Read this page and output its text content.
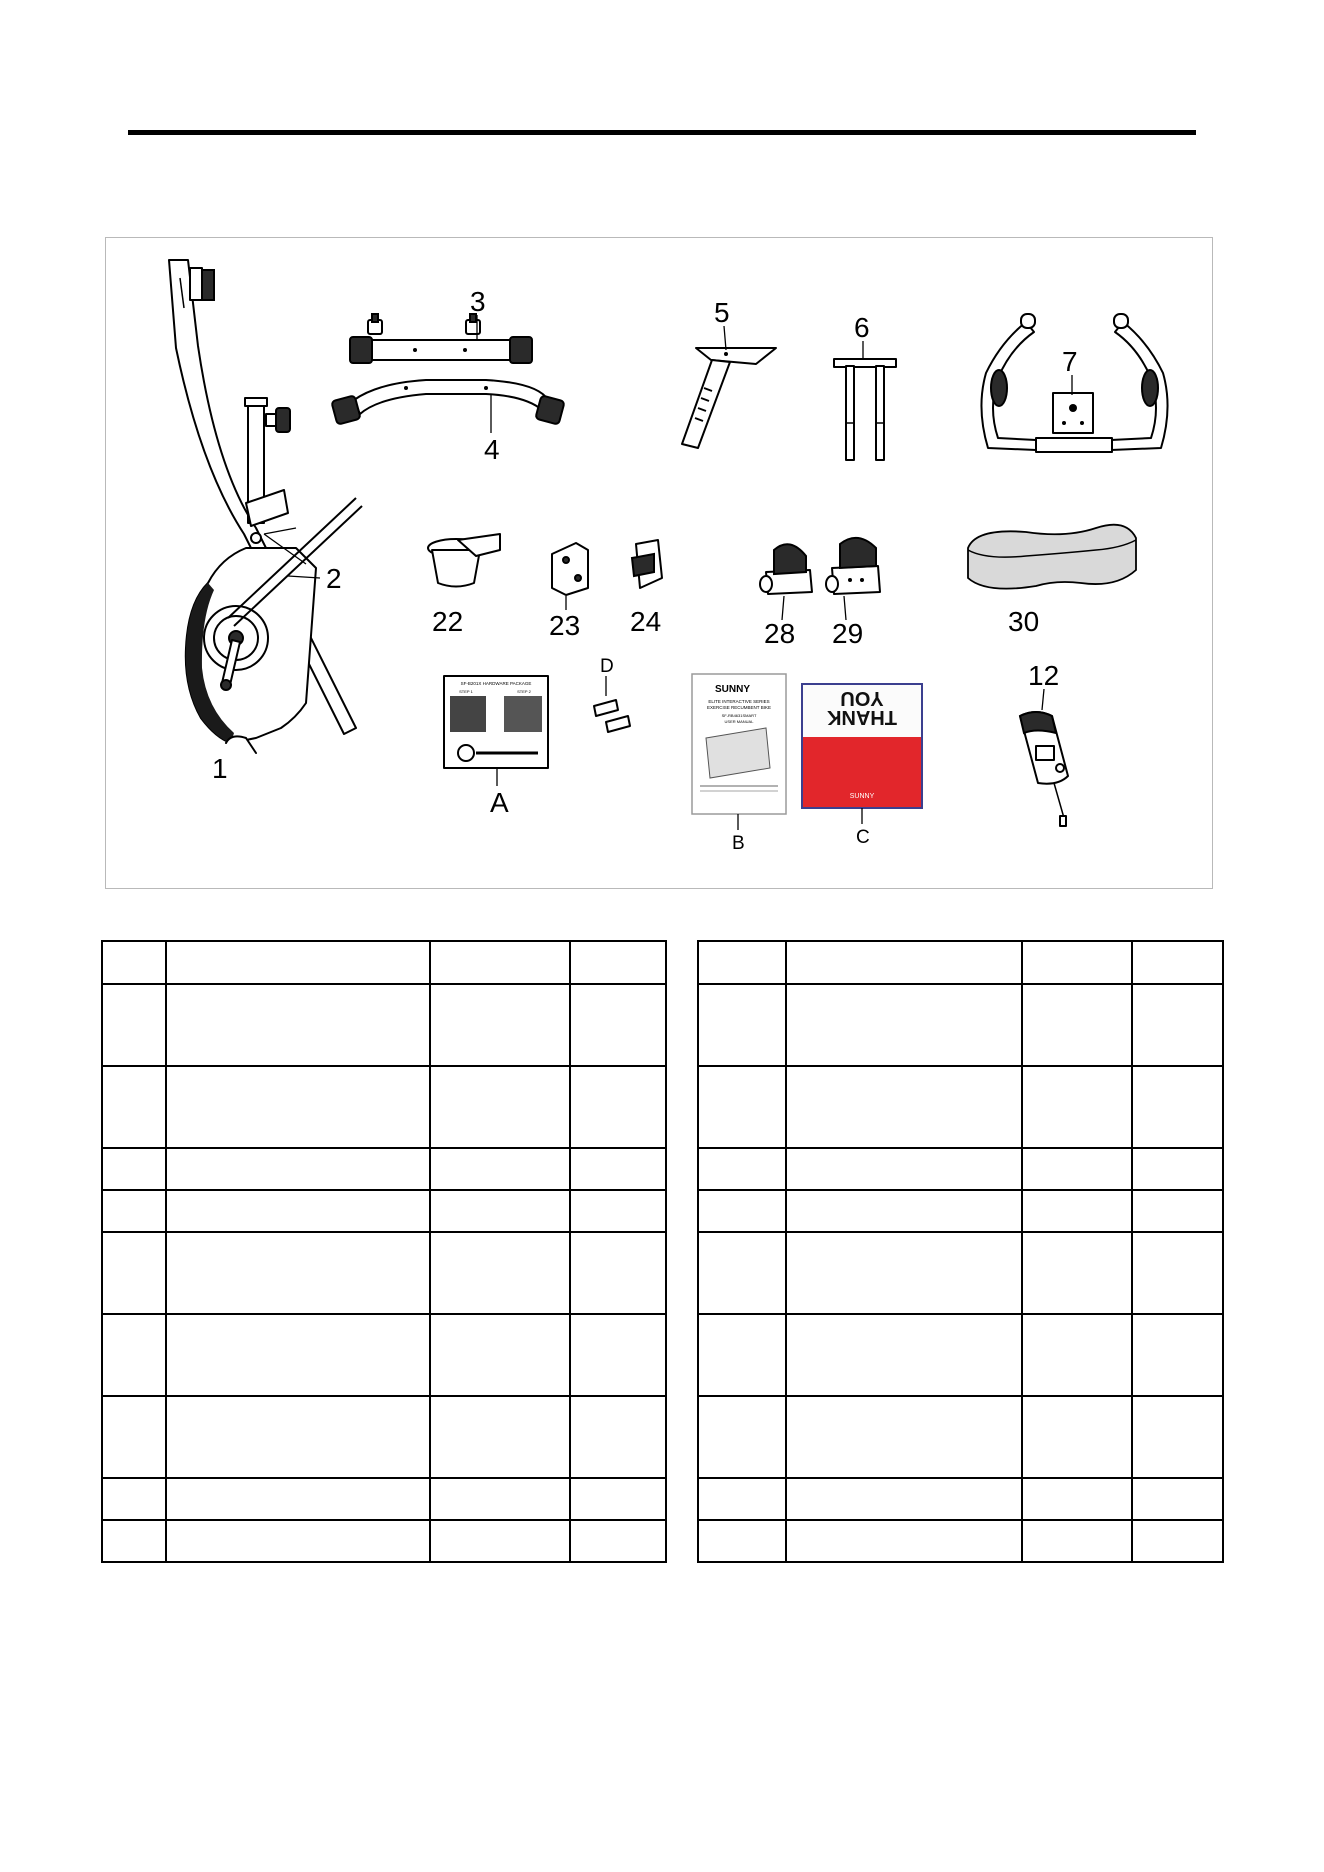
1
2
3
4
5	6
7
22	23 24	28 29	30
12
SF-B201X HARDWARE PACKAGE
STEP 1	STEP 2
A
D
SUNNY
ELITE INTERACTIVE SERIES
EXERCISE RECUMBENT BIKE
SF-RB4631SMART
USER MANUAL
B
THANK
YOU
SUNNY
C
